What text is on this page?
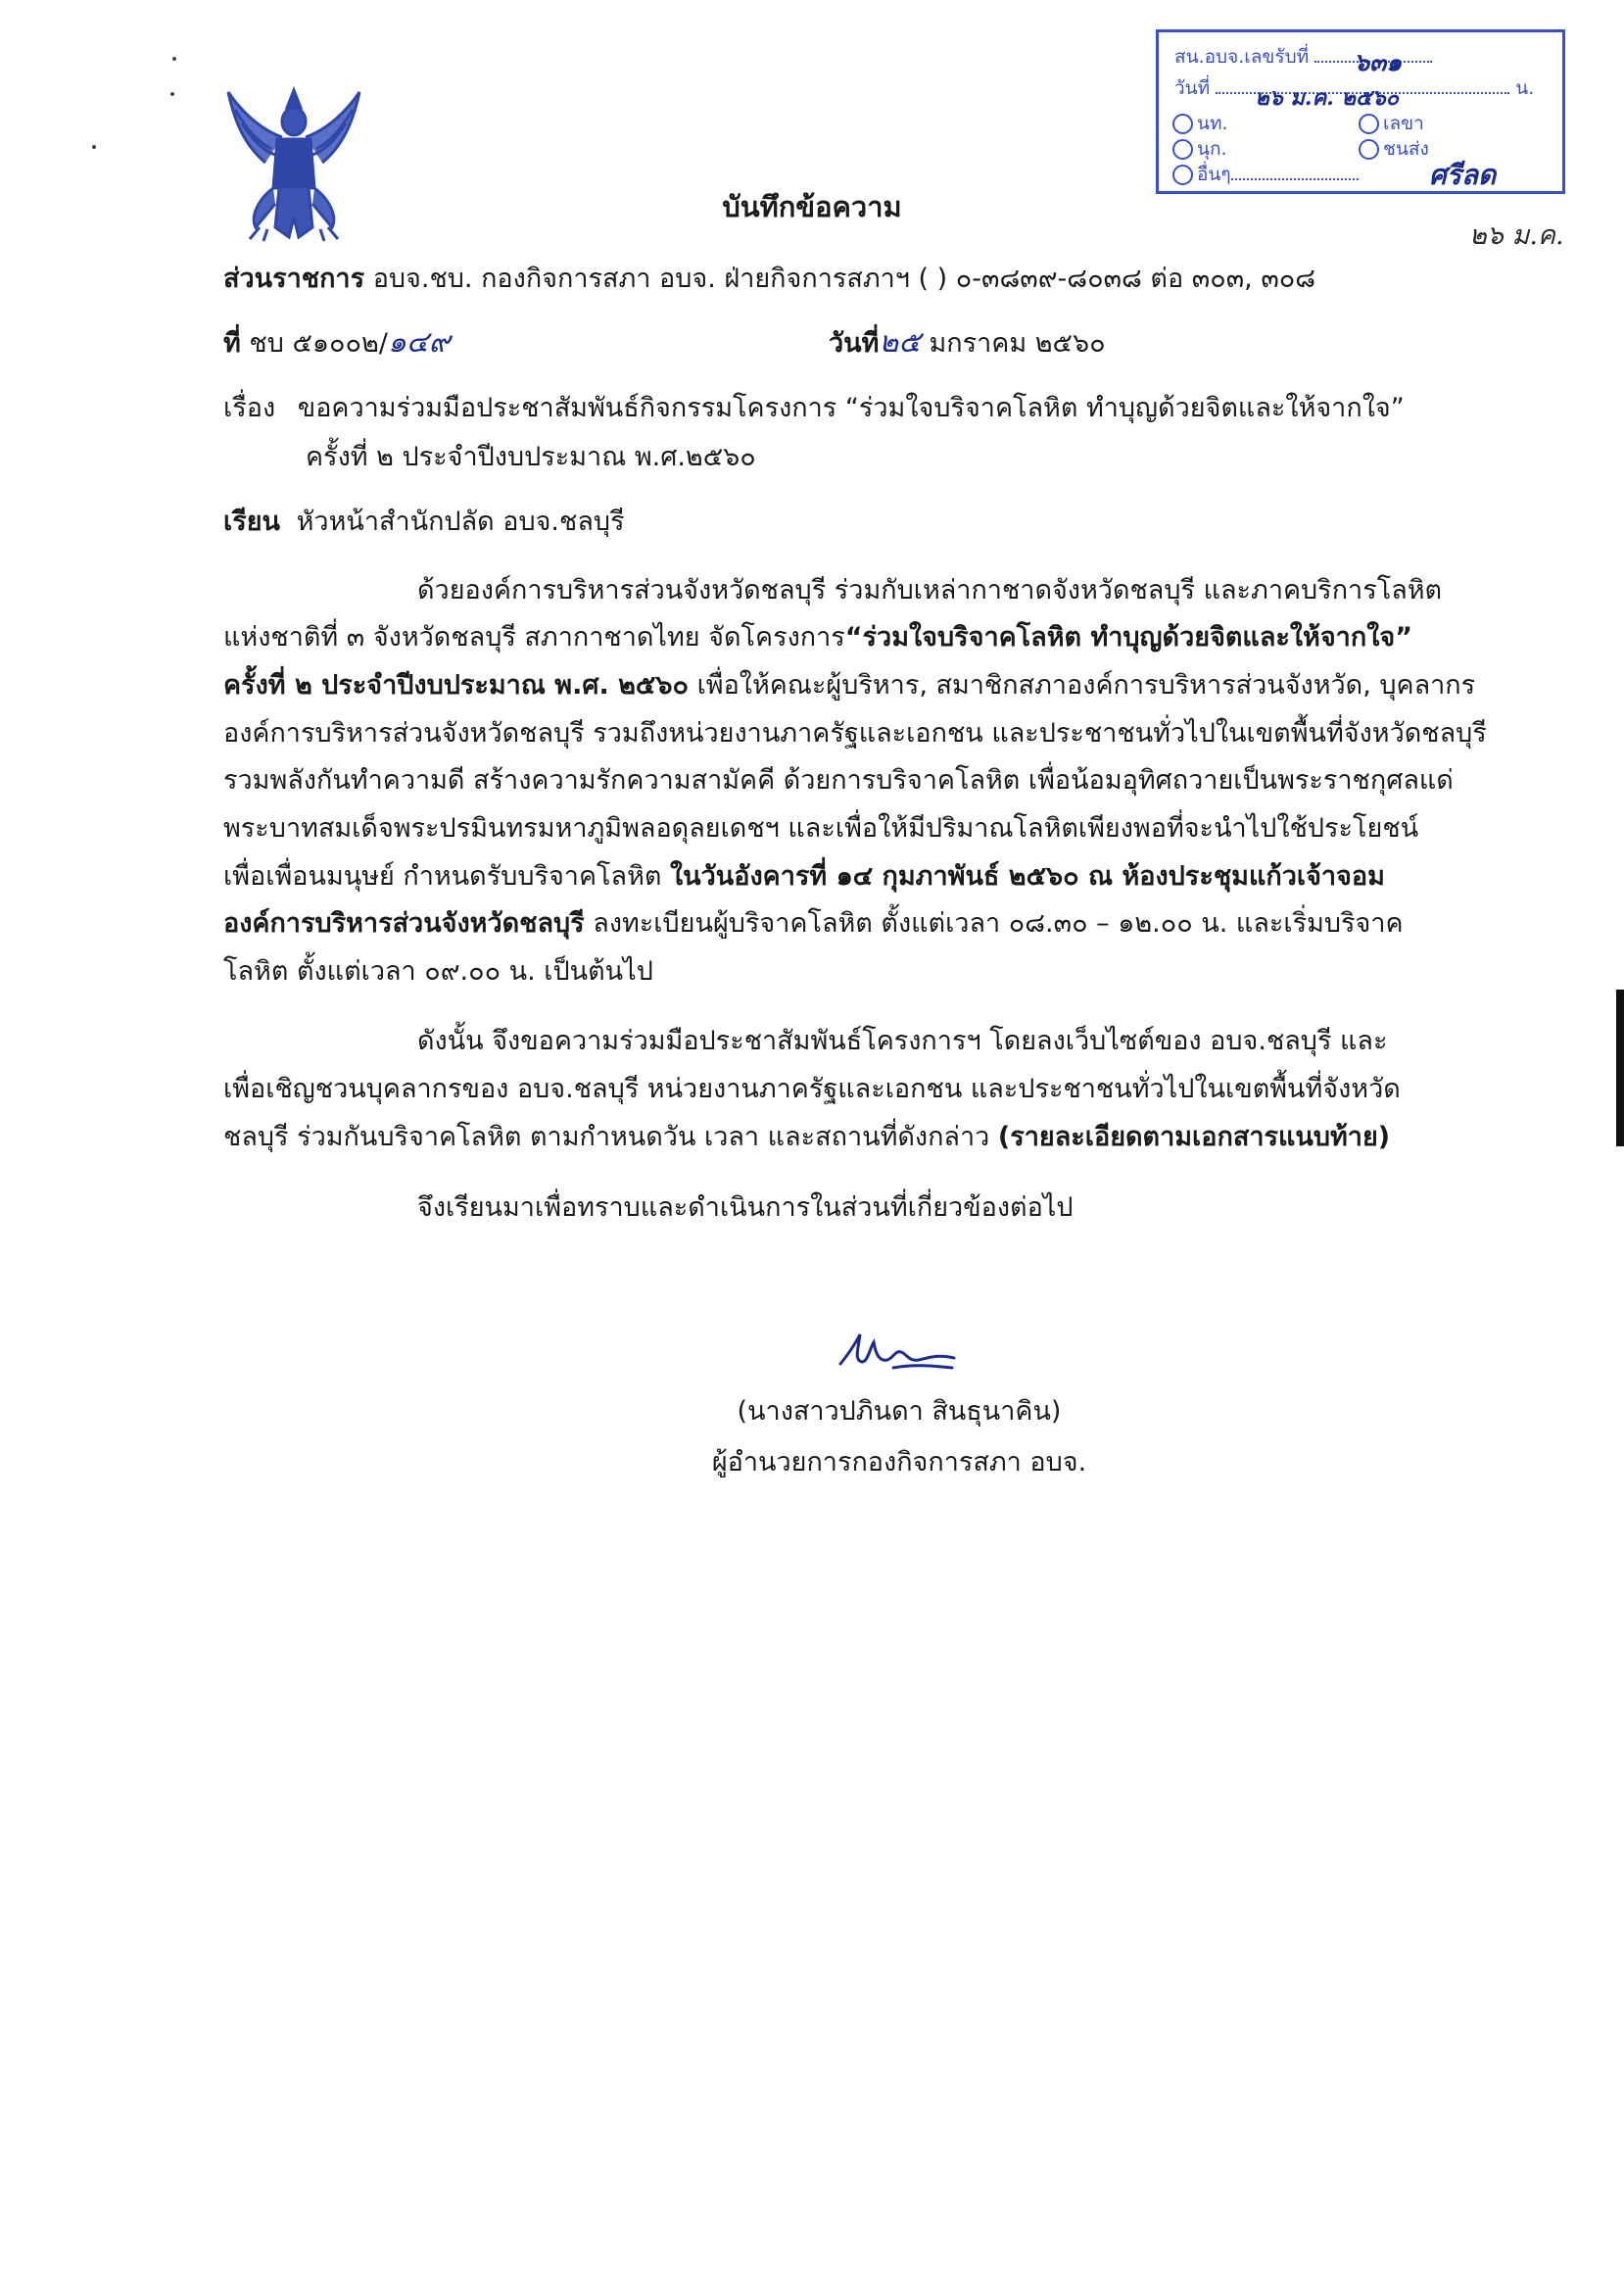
บันทึกข้อความ
สน.อบจ.เลขรับที่ ๖๓๑
วันที่ ๒๖ ม.ค. ๒๕๖๐	น.
นท.	เลขา
นุก.	ชนส่ง
อื่นๆ	ศรีลด
๒๖ ม.ค.
ส่วนราชการ อบจ.ชบ. กองกิจการสภา อบจ. ฝ่ายกิจการสภาฯ ( ) ๐-๓๘๓๙-๘๐๓๘ ต่อ ๓๐๓, ๓๐๘
ที่ ชบ ๕๑๐๐๒/๑๔๙	วันที่๒๕ มกราคม ๒๕๖๐
เรื่อง ขอความร่วมมือประชาสัมพันธ์กิจกรรมโครงการ “ร่วมใจบริจาคโลหิต ทำบุญด้วยจิตและให้จากใจ”
ครั้งที่ ๒ ประจำปีงบประมาณ พ.ศ.๒๕๖๐
เรียน หัวหน้าสำนักปลัด อบจ.ชลบุรี
ด้วยองค์การบริหารส่วนจังหวัดชลบุรี ร่วมกับเหล่ากาชาดจังหวัดชลบุรี และภาคบริการโลหิต
แห่งชาติที่ ๓ จังหวัดชลบุรี สภากาชาดไทย จัดโครงการ“ร่วมใจบริจาคโลหิต ทำบุญด้วยจิตและให้จากใจ”
ครั้งที่ ๒ ประจำปีงบประมาณ พ.ศ. ๒๕๖๐ เพื่อให้คณะผู้บริหาร, สมาชิกสภาองค์การบริหารส่วนจังหวัด, บุคลากร
องค์การบริหารส่วนจังหวัดชลบุรี รวมถึงหน่วยงานภาครัฐและเอกชน และประชาชนทั่วไปในเขตพื้นที่จังหวัดชลบุรี
รวมพลังกันทำความดี สร้างความรักความสามัคคี ด้วยการบริจาคโลหิต เพื่อน้อมอุทิศถวายเป็นพระราชกุศลแด่
พระบาทสมเด็จพระปรมินทรมหาภูมิพลอดุลยเดชฯ และเพื่อให้มีปริมาณโลหิตเพียงพอที่จะนำไปใช้ประโยชน์
เพื่อเพื่อนมนุษย์ กำหนดรับบริจาคโลหิต ในวันอังคารที่ ๑๔ กุมภาพันธ์ ๒๕๖๐ ณ ห้องประชุมแก้วเจ้าจอม
องค์การบริหารส่วนจังหวัดชลบุรี ลงทะเบียนผู้บริจาคโลหิต ตั้งแต่เวลา ๐๘.๓๐ – ๑๒.๐๐ น. และเริ่มบริจาค
โลหิต ตั้งแต่เวลา ๐๙.๐๐ น. เป็นต้นไป
ดังนั้น จึงขอความร่วมมือประชาสัมพันธ์โครงการฯ โดยลงเว็บไซต์ของ อบจ.ชลบุรี และ
เพื่อเชิญชวนบุคลากรของ อบจ.ชลบุรี หน่วยงานภาครัฐและเอกชน และประชาชนทั่วไปในเขตพื้นที่จังหวัด
ชลบุรี ร่วมกันบริจาคโลหิต ตามกำหนดวัน เวลา และสถานที่ดังกล่าว (รายละเอียดตามเอกสารแนบท้าย)
จึงเรียนมาเพื่อทราบและดำเนินการในส่วนที่เกี่ยวข้องต่อไป
(นางสาวปภินดา สินธุนาคิน)
ผู้อำนวยการกองกิจการสภา อบจ.
